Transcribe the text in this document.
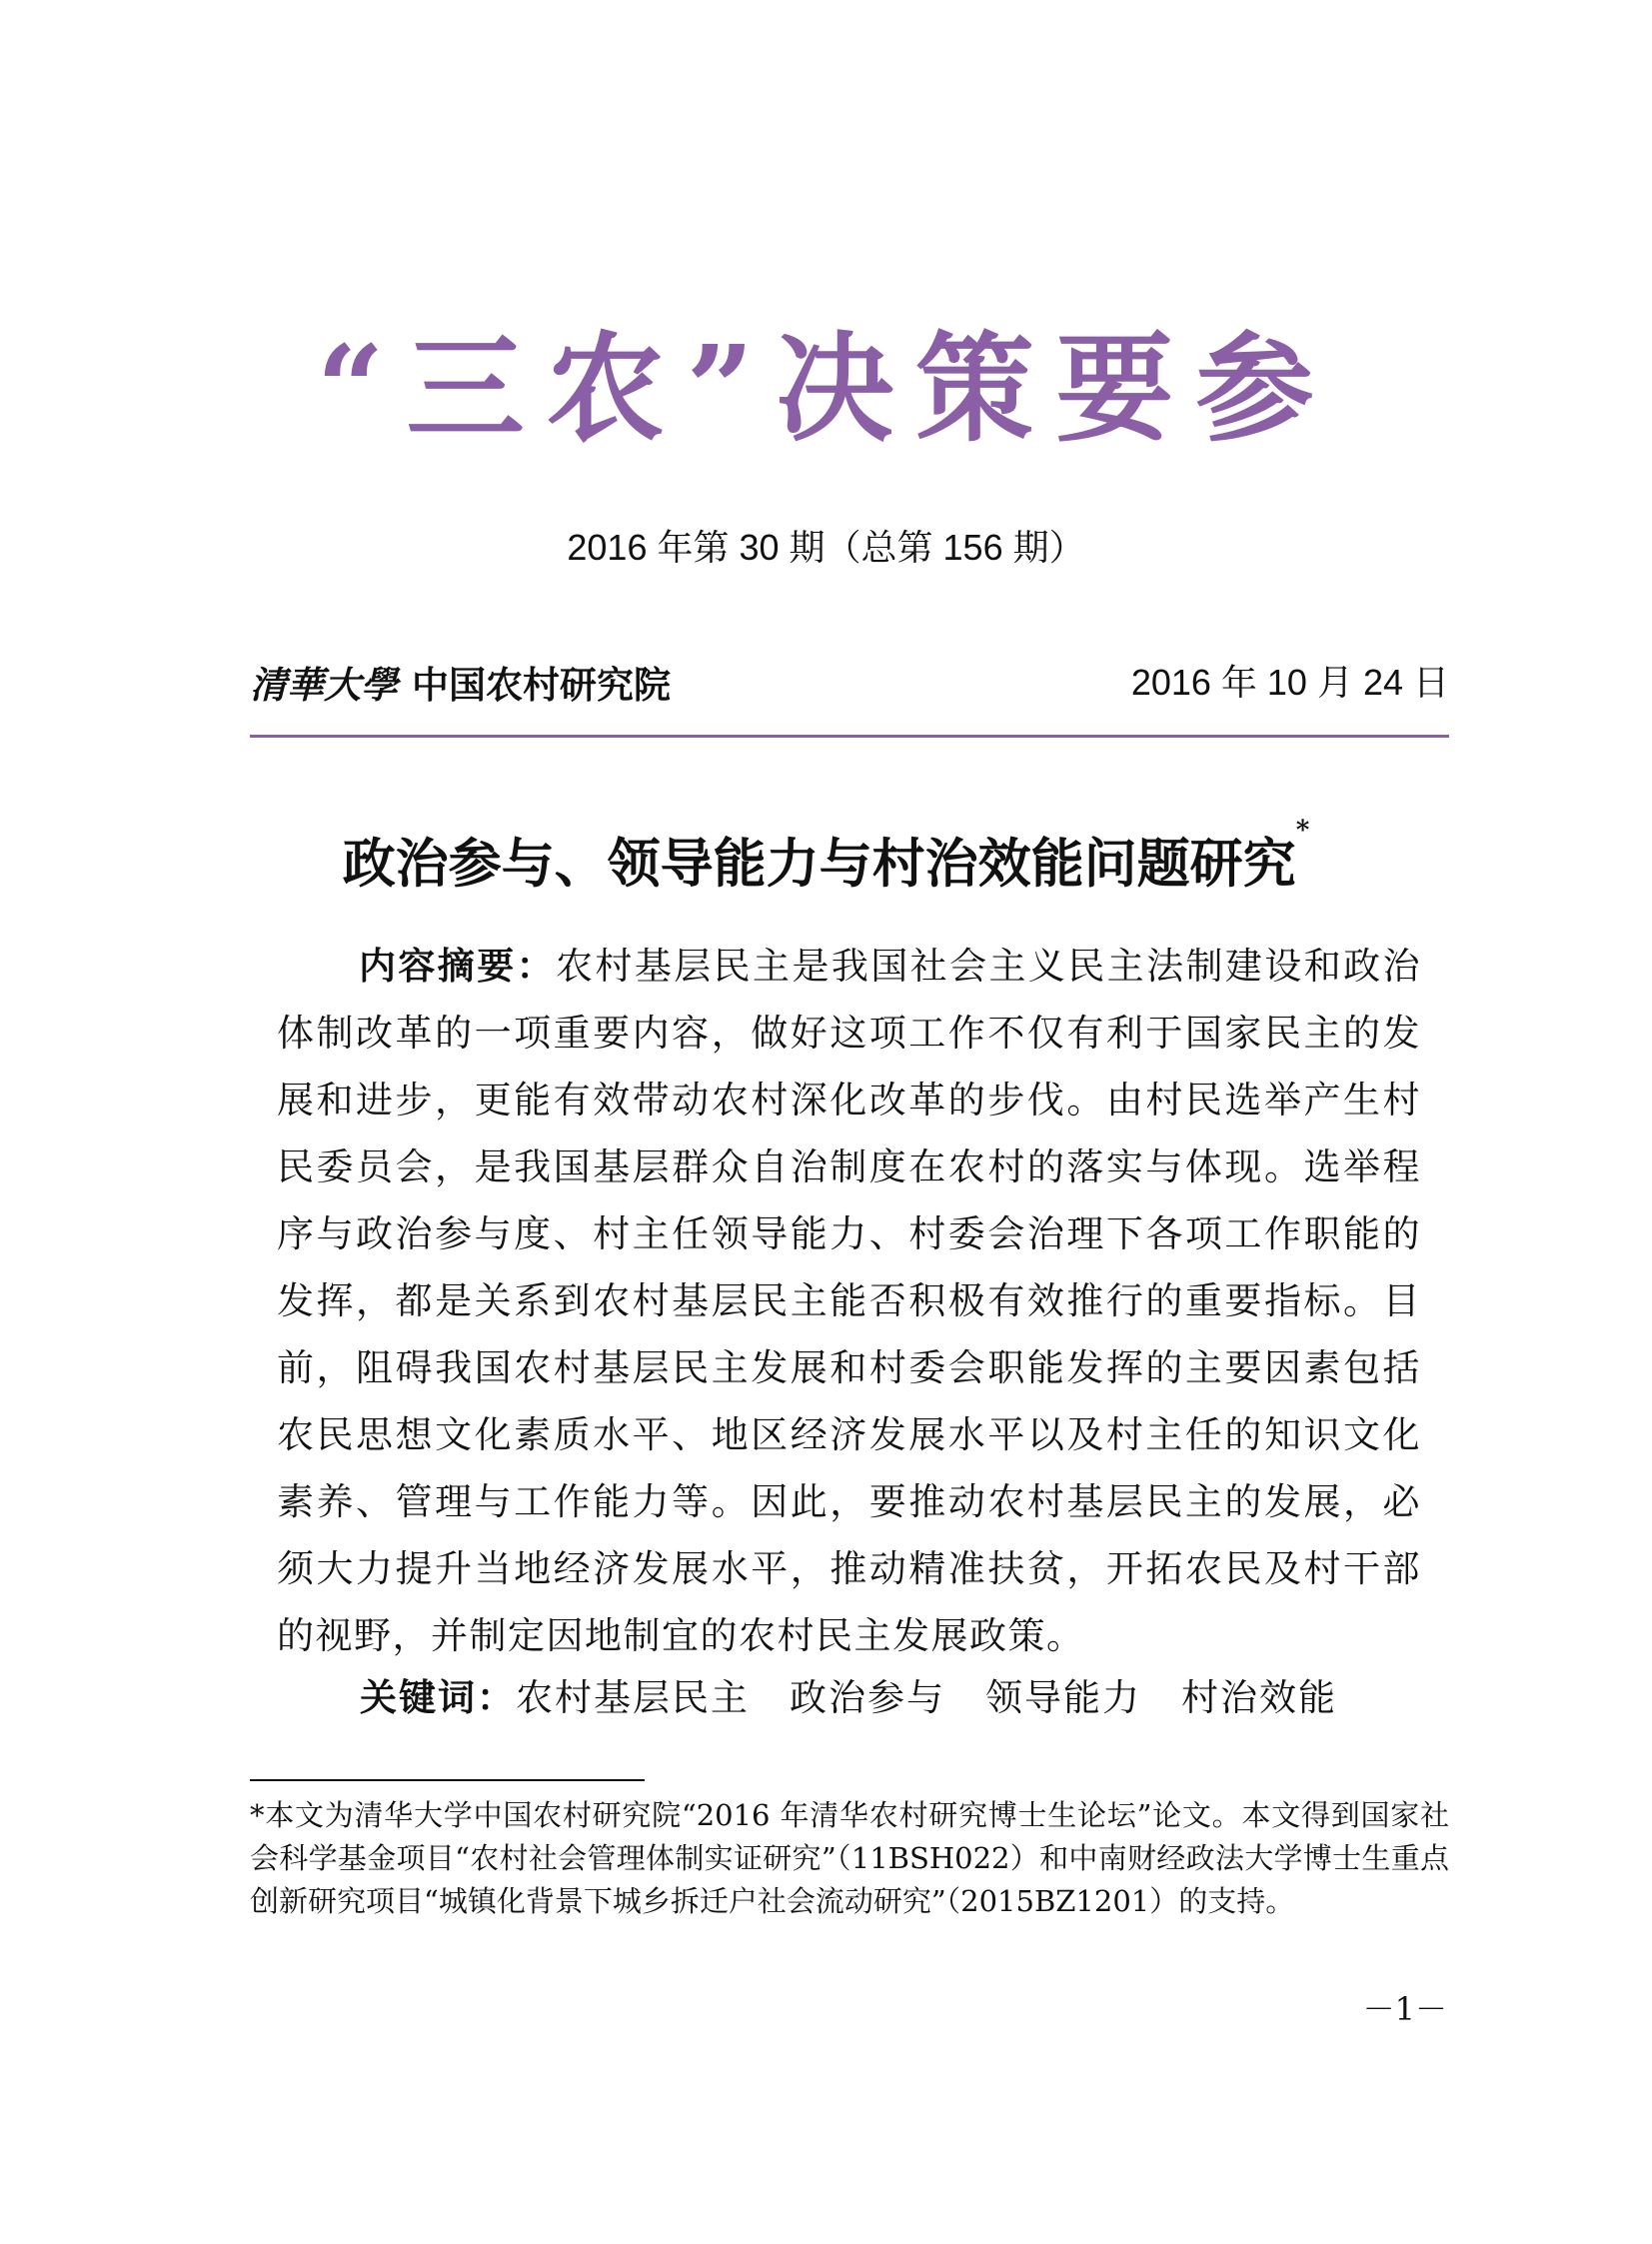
“三农”决策要参
2016 年第 30 期（总第 156 期）
清華大學 中国农村研究院	2016 年 10 月 24 日
政治参与、领导能力与村治效能问题研究*
内容摘要：农村基层民主是我国社会主义民主法制建设和政治体制改革的一项重要内容，做好这项工作不仅有利于国家民主的发展和进步，更能有效带动农村深化改革的步伐。由村民选举产生村民委员会，是我国基层群众自治制度在农村的落实与体现。选举程序与政治参与度、村主任领导能力、村委会治理下各项工作职能的发挥，都是关系到农村基层民主能否积极有效推行的重要指标。目前，阻碍我国农村基层民主发展和村委会职能发挥的主要因素包括农民思想文化素质水平、地区经济发展水平以及村主任的知识文化素养、管理与工作能力等。因此，要推动农村基层民主的发展，必须大力提升当地经济发展水平，推动精准扶贫，开拓农民及村干部的视野，并制定因地制宜的农村民主发展政策。
关键词：农村基层民主 政治参与 领导能力 村治效能
*本文为清华大学中国农村研究院“2016 年清华农村研究博士生论坛”论文。本文得到国家社会科学基金项目“农村社会管理体制实证研究”（11BSH022）和中南财经政法大学博士生重点创新研究项目“城镇化背景下城乡拆迁户社会流动研究”（2015BZ1201）的支持。
－1－
